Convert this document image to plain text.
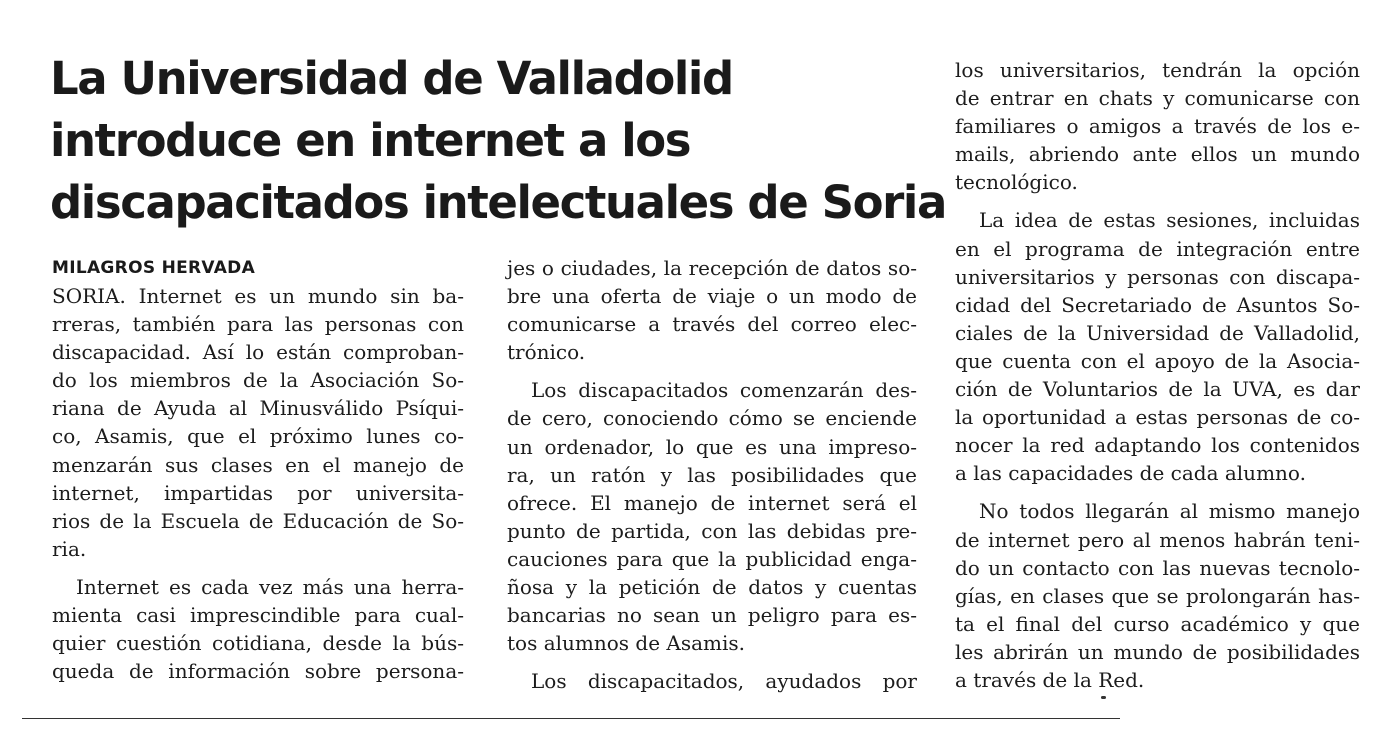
La Universidad de Valladolid
introduce en internet a los
discapacitados intelectuales de Soria
MILAGROS HERVADA
SORIA. Internet es un mundo sin ba-
rreras, también para las personas con
discapacidad. Así lo están comproban-
do los miembros de la Asociación So-
riana de Ayuda al Minusválido Psíqui-
co, Asamis, que el próximo lunes co-
menzarán sus clases en el manejo de
internet, impartidas por universita-
rios de la Escuela de Educación de So-
ria.
Internet es cada vez más una herra-
mienta casi imprescindible para cual-
quier cuestión cotidiana, desde la bús-
queda de información sobre persona-
jes o ciudades, la recepción de datos so-
bre una oferta de viaje o un modo de
comunicarse a través del correo elec-
trónico.
Los discapacitados comenzarán des-
de cero, conociendo cómo se enciende
un ordenador, lo que es una impreso-
ra, un ratón y las posibilidades que
ofrece. El manejo de internet será el
punto de partida, con las debidas pre-
cauciones para que la publicidad enga-
ñosa y la petición de datos y cuentas
bancarias no sean un peligro para es-
tos alumnos de Asamis.
Los discapacitados, ayudados por
los universitarios, tendrán la opción
de entrar en chats y comunicarse con
familiares o amigos a través de los e-
mails, abriendo ante ellos un mundo
tecnológico.
La idea de estas sesiones, incluidas
en el programa de integración entre
universitarios y personas con discapa-
cidad del Secretariado de Asuntos So-
ciales de la Universidad de Valladolid,
que cuenta con el apoyo de la Asocia-
ción de Voluntarios de la UVA, es dar
la oportunidad a estas personas de co-
nocer la red adaptando los contenidos
a las capacidades de cada alumno.
No todos llegarán al mismo manejo
de internet pero al menos habrán teni-
do un contacto con las nuevas tecnolo-
gías, en clases que se prolongarán has-
ta el final del curso académico y que
les abrirán un mundo de posibilidades
a través de la Red.
